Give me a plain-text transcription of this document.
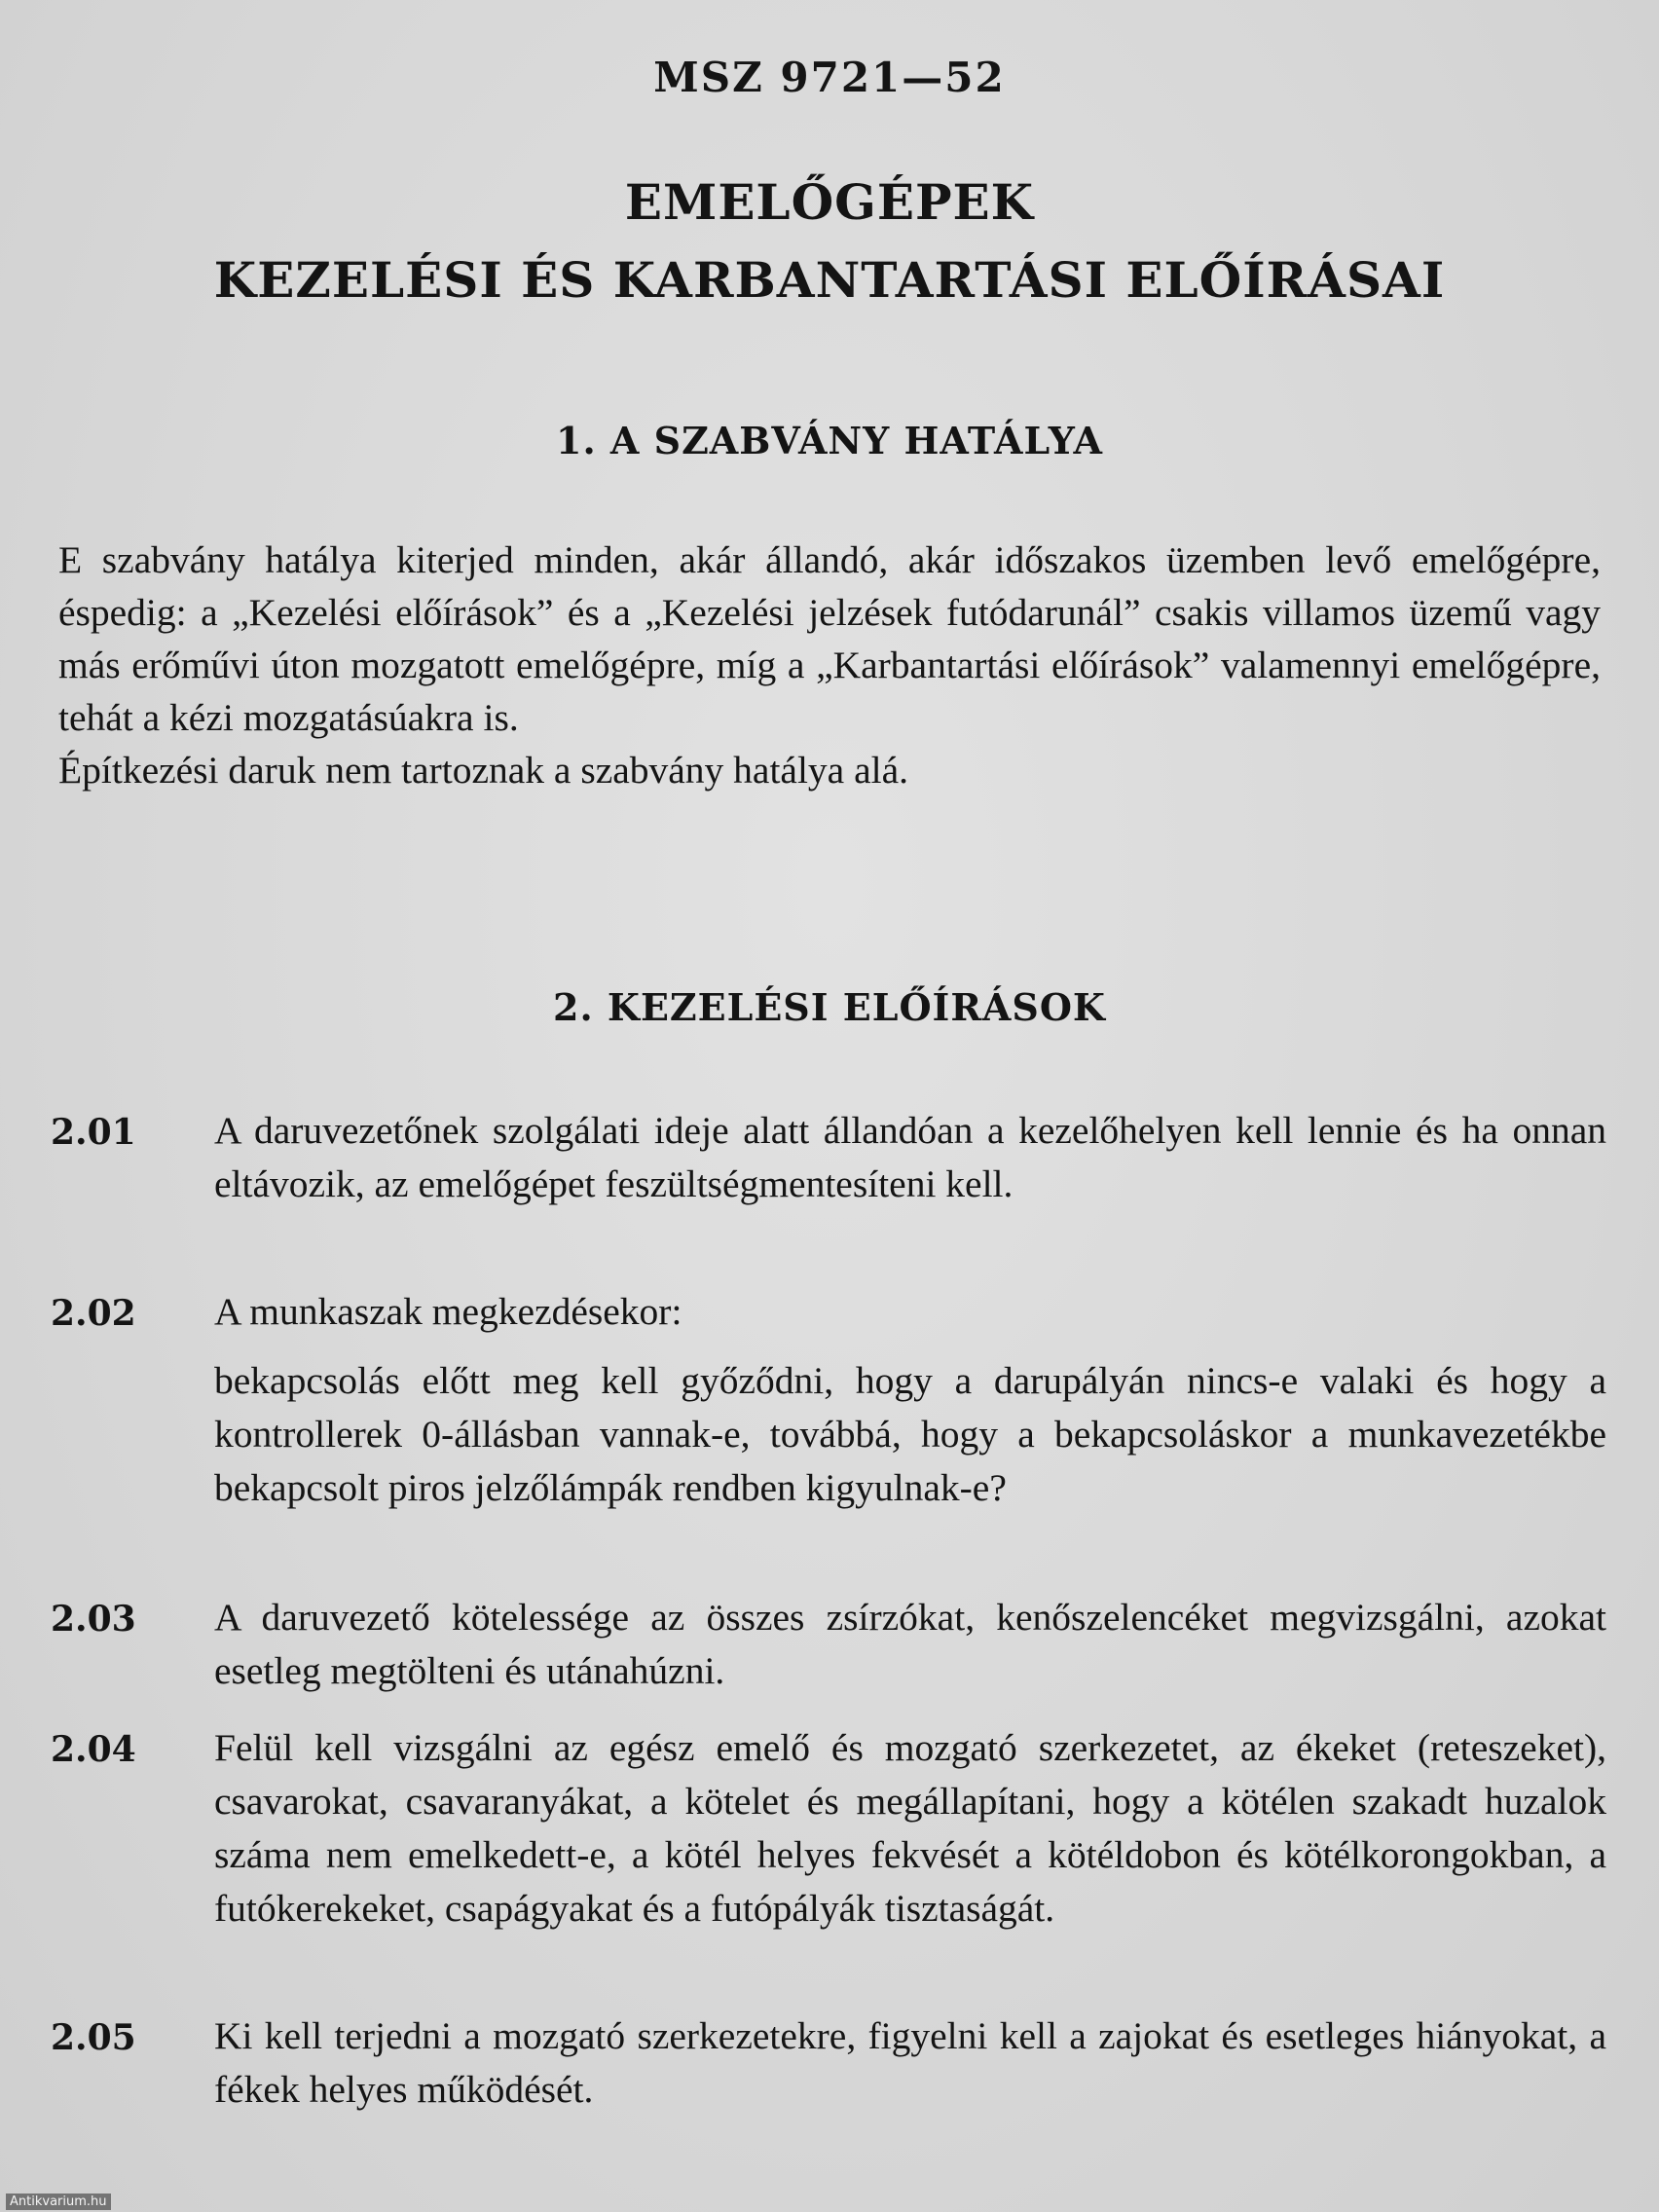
MSZ 9721—52
EMELŐGÉPEK
KEZELÉSI ÉS KARBANTARTÁSI ELŐÍRÁSAI
1. A SZABVÁNY HATÁLYA

E szabvány hatálya kiterjed minden, akár állandó, akár időszakos üzemben levő emelőgépre, éspedig: a „Kezelési előírások” és a „Kezelési jelzések futódarunál” csakis villamos üzemű vagy más erőművi úton mozgatott emelőgépre, míg a „Karbantartási előírások” valamennyi emelőgépre, tehát a kézi mozgatásúakra is.

Építkezési daruk nem tartoznak a szabvány hatálya alá.

2. KEZELÉSI ELŐÍRÁSOK
2.01 A daruvezetőnek szolgálati ideje alatt állandóan a kezelőhelyen kell lennie és ha onnan eltávozik, az emelőgépet feszültségmentesíteni kell.

2.02 A munkaszak megkezdésekor:

bekapcsolás előtt meg kell győződni, hogy a darupályán nincs-e valaki és hogy a kontrollerek 0-állásban vannak-e, továbbá, hogy a bekapcsoláskor a munkavezetékbe bekapcsolt piros jelzőlámpák rendben kigyulnak-e?

2.03 A daruvezető kötelessége az összes zsírzókat, kenőszelencéket megvizsgálni, azokat esetleg megtölteni és utánahúzni.

2.04 Felül kell vizsgálni az egész emelő és mozgató szerkezetet, az ékeket (reteszeket), csavarokat, csavaranyákat, a kötelet és megállapítani, hogy a kötélen szakadt huzalok száma nem emelkedett-e, a kötél helyes fekvését a kötéldobon és kötélkorongokban, a futókerekeket, csapágyakat és a futópályák tisztaságát.

2.05 Ki kell terjedni a mozgató szerkezetekre, figyelni kell a zajokat és esetleges hiányokat, a fékek helyes működését.

Antikvarium.hu
